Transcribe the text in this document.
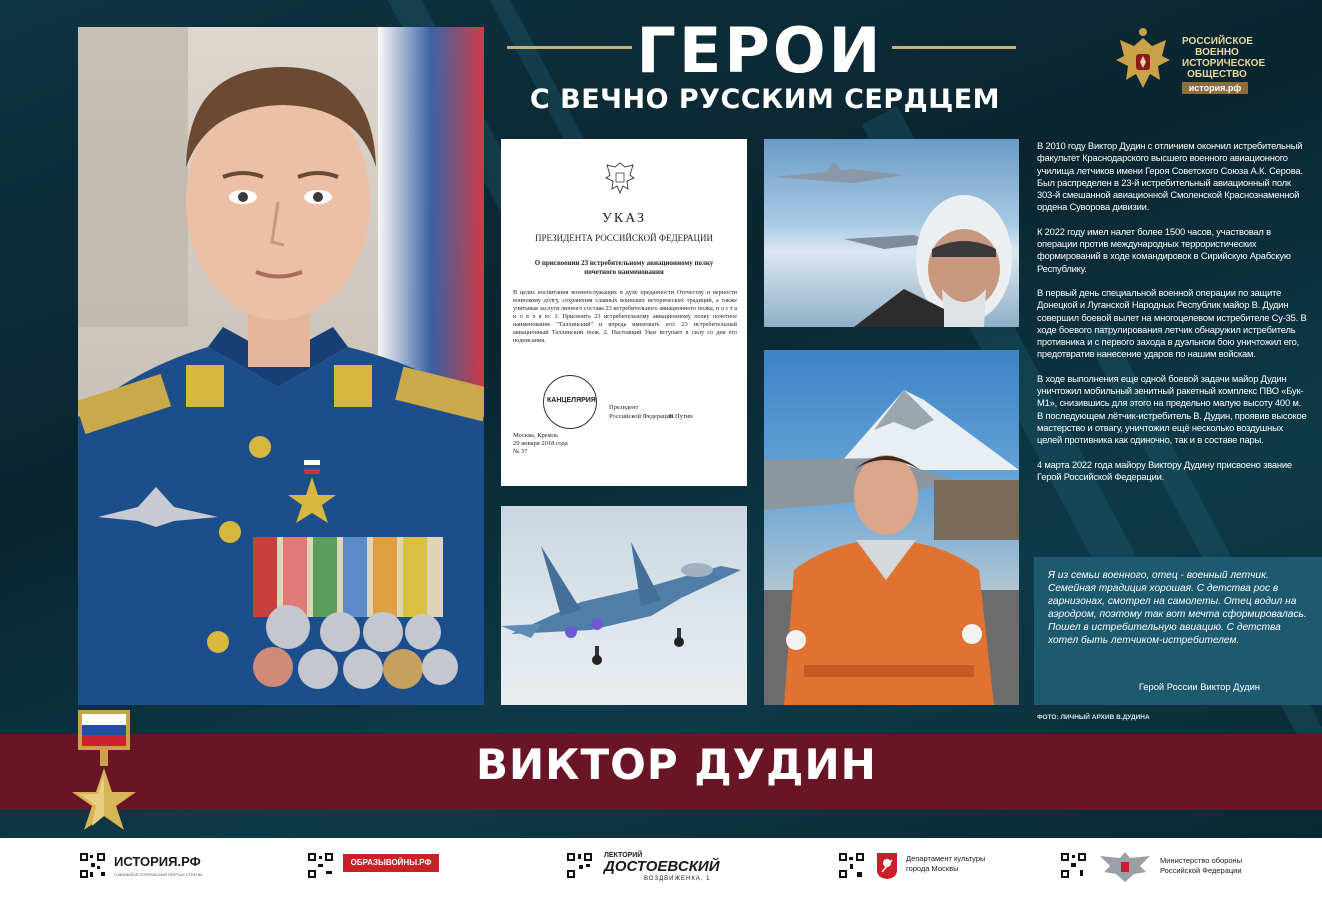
ГЕРОИ
С ВЕЧНО РУССКИМ СЕРДЦЕМ
РОССИЙСКОЕ
ВОЕННО
ИСТОРИЧЕСКОЕ
ОБЩЕСТВО
история.рф
УКАЗ
ПРЕЗИДЕНТА РОССИЙСКОЙ ФЕДЕРАЦИИ
О присвоении 23 истребительному авиационному полку почетного наименования
В целях воспитания военнослужащих в духе преданности Отечеству и верности воинскому долгу, сохранения славных воинских исторических традиций, а также учитывая заслуги личного состава 23 истребительного авиационного полка, п о с т а н о в л я ю: 1. Присвоить 23 истребительному авиационному полку почетное наименование "Таллинский" и впредь именовать его: 23 истребительный авиационный Таллинский полк. 2. Настоящий Указ вступает в силу со дня его подписания.
КАНЦЕЛЯРИЯ
Президент
Российской Федерации
В.Путин
Москва, Кремль
29 января 2018 года
№ 37

В 2010 году Виктор Дудин с отличием окончил истребительный факультет Краснодарского высшего военного авиационного училища летчиков имени Героя Советского Союза А.К. Серова. Был распределен в 23-й истребительный авиационный полк 303-й смешанной авиационной Смоленской Краснознаменной ордена Суворова дивизии.

К 2022 году имел налет более 1500 часов, участвовал в операции против международных террористических формирований в ходе командировок в Сирийскую Арабскую Республику.

В первый день специальной военной операции по защите Донецкой и Луганской Народных Республик майор В. Дудин совершил боевой вылет на многоцелевом истребителе Су-35. В ходе боевого патрулирования летчик обнаружил истребитель противника и с первого захода в дуэльном бою уничтожил его, предотвратив нанесение ударов по нашим войскам.

В ходе выполнения еще одной боевой задачи майор Дудин уничтожил мобильный зенитный ракетный комплекс ПВО «Бук-М1», снизившись для этого на предельно малую высоту 400 м. В последующем лётчик-истребитель В. Дудин, проявив высокое мастерство и отвагу, уничтожил ещё несколько воздушных целей противника как одиночно, так и в составе пары.

4 марта 2022 года майору Виктору Дудину присвоено звание Герой Российской Федерации.

Я из семьи военного, отец - военный летчик. Семейная традиция хорошая. С детства рос в гарнизонах, смотрел на самолеты. Отец водил на аэродром, поэтому так вот мечта сформировалась. Пошел в истребительную авиацию. С детства хотел быть летчиком-истребителем.
Герой России Виктор Дудин
ФОТО: ЛИЧНЫЙ АРХИВ В.ДУДИНА
ВИКТОР ДУДИН
ИСТОРИЯ.РФ
ГЛАВНЫЙ ИСТОРИЧЕСКИЙ ПОРТАЛ СТРАНЫ
ОБРАЗЫВОЙНЫ.РФ
ЛЕКТОРИЙ
ДОСТОЕВСКИЙ
ВОЗДВИЖЕНКА, 1
Департамент культуры
города Москвы
Министерство обороны
Российской Федерации
